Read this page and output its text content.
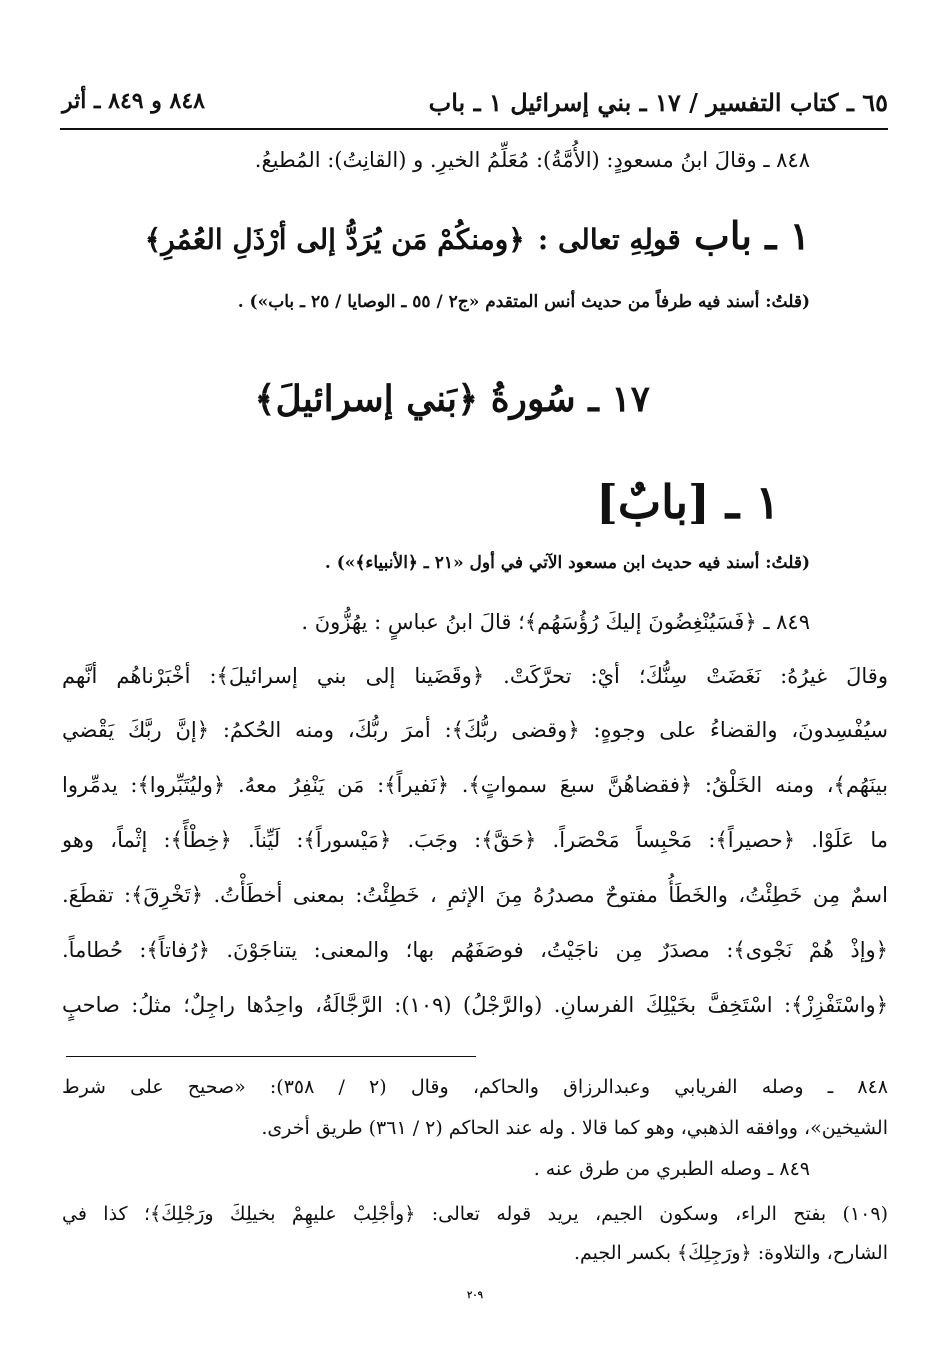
٦٥ ـ كتاب التفسير / ١٧ ـ بني إسرائيل ١ ـ باب
٨٤٨ و ٨٤٩ ـ أثر
٨٤٨ ـ وقالَ ابنُ مسعودٍ: (الأُمَّةُ): مُعَلِّمُ الخيرِ. و (القانِتُ): المُطيعُ.
١ ـ باب قولِهِ تعالى : ﴿ومنكُمْ مَن يُرَدُّ إلى أرْذَلِ العُمُرِ﴾
(قلتُ: أسند فيه طرفاً من حديث أنس المتقدم «ج٢ / ٥٥ ـ الوصايا / ٢٥ ـ باب») .
١٧ ـ سُورةُ ﴿بَني إسرائيلَ﴾
١ ـ [بابٌ]
(قلتُ: أسند فيه حديث ابن مسعود الآتي في أول «٢١ ـ ﴿الأنبياء﴾») .
٨٤٩ ـ ﴿فَسَيُنْغِضُونَ إليكَ رُؤُسَهُم﴾؛ قالَ ابنُ عباسٍ : يهُزُّونَ .
وقالَ غيرُهُ: نَغَضَتْ سِنُّكَ؛ أيْ: تحرَّكَتْ. ﴿وقَضَينا إلى بني إسرائيلَ﴾: أخْبَرْناهُم أنَّهم
سيُفْسِدونَ، والقضاءُ على وجوهٍ: ﴿وقضى ربُّكَ﴾: أمرَ ربُّكَ، ومنه الحُكمُ: ﴿إنَّ ربَّكَ يَقْضي
بينَهُم﴾، ومنه الخَلْقُ: ﴿فقضاهُنَّ سبعَ سمواتٍ﴾. ﴿نَفيراً﴾: مَن يَنْفِرُ معهُ. ﴿وليُتَبِّروا﴾: يدمِّروا
ما عَلَوْا. ﴿حصيراً﴾: مَحْبِساً مَحْصَراً. ﴿حَقَّ﴾: وجَبَ. ﴿مَيْسوراً﴾: لَيِّناً. ﴿خِطْأً﴾: إثْماً، وهو
اسمٌ مِن خَطِئْتُ، والخَطَأُ مفتوحٌ مصدرُهُ مِنَ الإثمِ ، خَطِئْتُ: بمعنى أخطَأْتُ. ﴿تَخْرِقَ﴾: تقطَعَ.
﴿وإذْ هُمْ نَجْوى﴾: مصدَرٌ مِن ناجَيْتُ، فوصَفَهُم بها؛ والمعنى: يتناجَوْنَ. ﴿رُفاتاً﴾: حُطاماً.
﴿واسْتَفْزِزْ﴾: اسْتَخِفَّ بخَيْلِكَ الفرسانِ. (والرَّجْلُ) (١٠٩): الرَّجَّالَةُ، واحِدُها راجِلٌ؛ مثلُ: صاحبٍ
٨٤٨ ـ وصله الفريابي وعبدالرزاق والحاكم، وقال (٢ / ٣٥٨): «صحيح على شرط
الشيخين»، ووافقه الذهبي، وهو كما قالا . وله عند الحاكم (٢ / ٣٦١) طريق أخرى.
٨٤٩ ـ وصله الطبري من طرق عنه .
(١٠٩) بفتح الراء، وسكون الجيم، يريد قوله تعالى: ﴿وأجْلِبْ عليهِمْ بخيلِكَ ورَجْلِكَ﴾؛ كذا في
الشارح، والتلاوة: ﴿ورَجِلِكَ﴾ بكسر الجيم.
٢٠٩
